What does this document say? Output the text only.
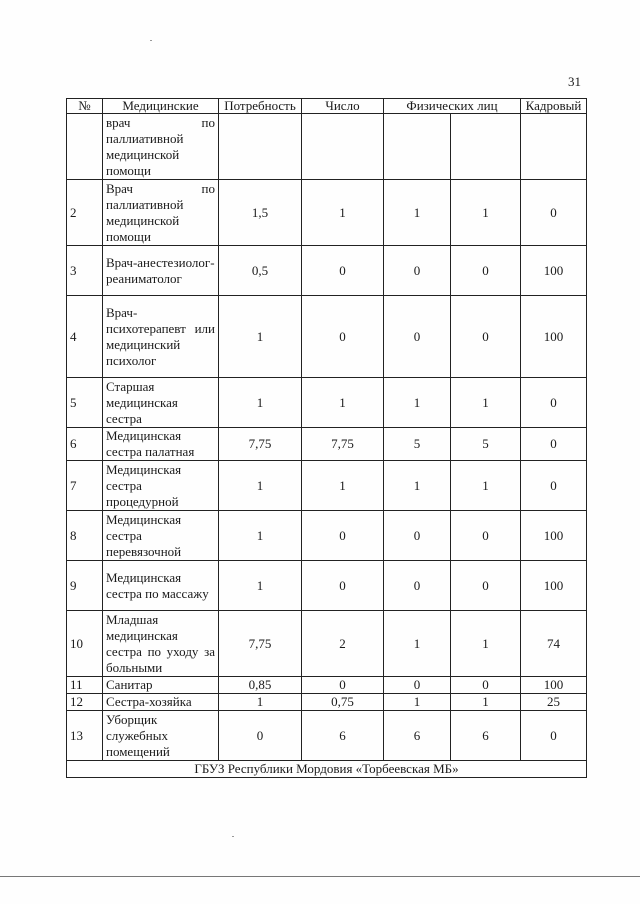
31
№	Медицинские	Потребность	Число	Физических лиц		Кадровый
	врач по паллиативной медицинской помощи					
2	Врач по паллиативной медицинской помощи	1,5	1	1	1	0
3	Врач-анестезиолог-реаниматолог	0,5	0	0	0	100
4	Врач-психотерапевт или медицинский психолог	1	0	0	0	100
5	Старшая медицинская сестра	1	1	1	1	0
6	Медицинская сестра палатная	7,75	7,75	5	5	0
7	Медицинская сестра процедурной	1	1	1	1	0
8	Медицинская сестра перевязочной	1	0	0	0	100
9	Медицинская сестра по массажу	1	0	0	0	100
10	Младшая медицинская сестра по уходу за больными	7,75	2	1	1	74
11	Санитар	0,85	0	0	0	100
12	Сестра-хозяйка	1	0,75	1	1	25
13	Уборщик служебных помещений	0	6	6	6	0
ГБУЗ Республики Мордовия «Торбеевская МБ»						
